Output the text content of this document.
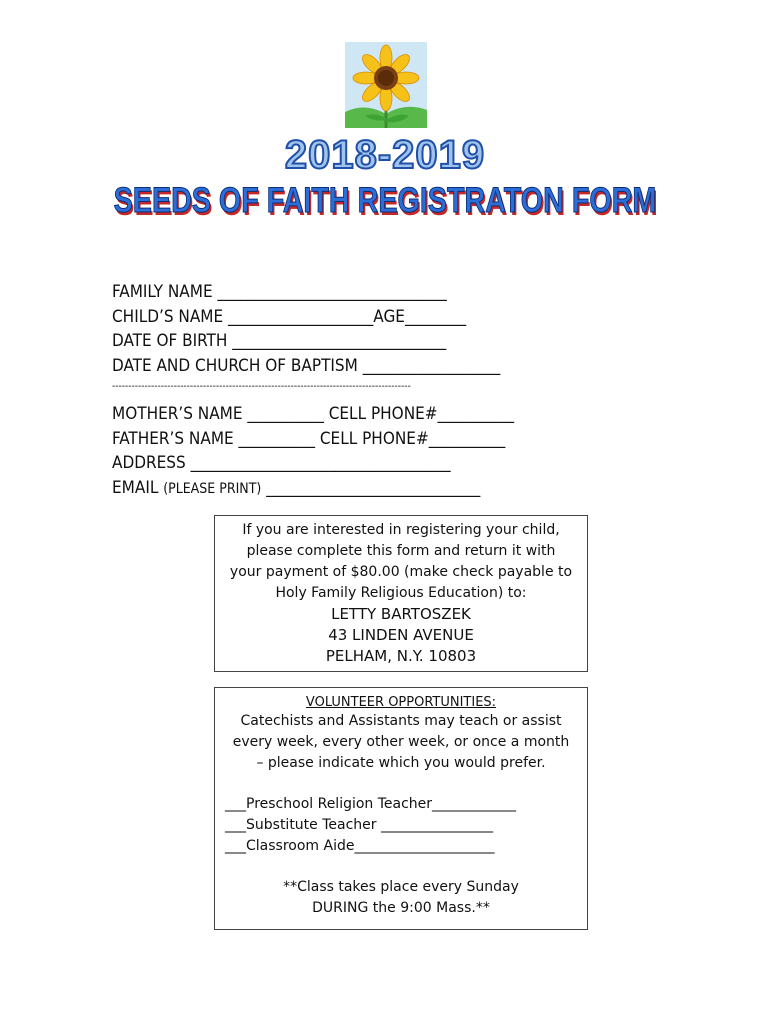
2018-2019
SEEDS OF FAITH REGISTRATON FORM
FAMILY NAME ______________________________
CHILD’S NAME ___________________AGE________
DATE OF BIRTH ____________________________
DATE AND CHURCH OF BAPTISM __________________
--------------------------------------------------------------------------------------------
MOTHER’S NAME __________ CELL PHONE#__________
FATHER’S NAME __________ CELL PHONE#__________
ADDRESS __________________________________
EMAIL (PLEASE PRINT) ____________________________
If you are interested in registering your child,
please complete this form and return it with
your payment of $80.00 (make check payable to
Holy Family Religious Education) to:
LETTY BARTOSZEK
43 LINDEN AVENUE
PELHAM, N.Y. 10803
VOLUNTEER OPPORTUNITIES:
Catechists and Assistants may teach or assist
every week, every other week, or once a month
– please indicate which you would prefer.
___Preschool Religion Teacher____________
___Substitute Teacher ________________
___Classroom Aide____________________
**Class takes place every Sunday
DURING the 9:00 Mass.**
